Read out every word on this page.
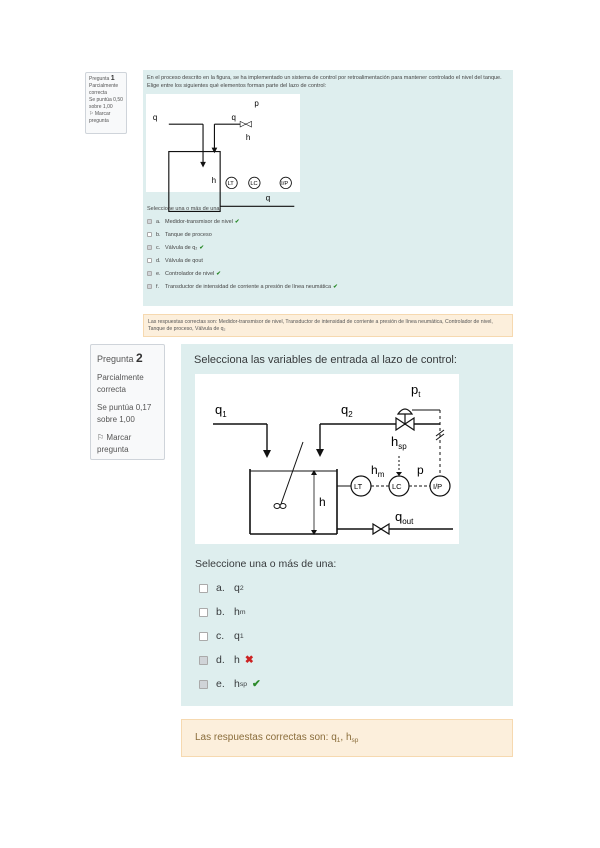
Pregunta 1
Parcialmente correcta
Se puntúa 0,50 sobre 1,00
⚐ Marcar pregunta
En el proceso descrito en la figura, se ha implementado un sistema de control por retroalimentación para mantener controlado el nivel del tanque. Elige entre los siguientes qué elementos forman parte del lazo de control:
q	q
p
h
h LT LC I/P
q
Seleccione una o más de una:
a. Medidor-transmisor de nivel ✔
b. Tanque de proceso
c. Válvula de q₂ ✔
d. Válvula de qout
e. Controlador de nivel ✔
f.	Transductor de intensidad de corriente a presión de línea neumática ✔
Las respuestas correctas son: Medidor-transmisor de nivel, Transductor de intensidad de corriente a presión de línea neumática, Controlador de nivel, Tanque de proceso, Válvula de q₂
Pregunta 2
Parcialmente correcta
Se puntúa 0,17 sobre 1,00
⚐ Marcar pregunta
Selecciona las variables de entrada al lazo de control:
$q_1$	$q_2$
$p_t$
$h_{sp}$
$h_m$	p
h
LT	LC	I/P
$q_{out}$
Seleccione una o más de una:
a. q 2
b. h m
c. q 1
d. h ✖
e. h sp ✔
Las respuestas correctas son: q1, hsp
